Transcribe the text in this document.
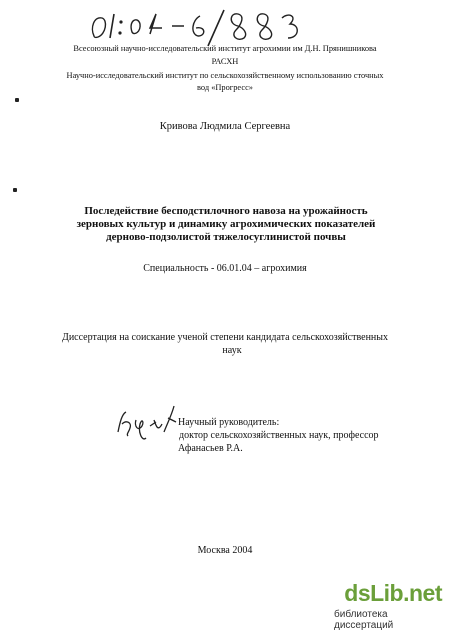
Всесоюзный научно-исследовательский институт агрохимии им Д.Н. Прянишникова
РАСХН
Научно-исследовательский институт по сельскохозяйственному использованию сточных
вод «Прогресс»
Кривова Людмила Сергеевна
Последействие бесподстилочного навоза на урожайность
зерновых культур и динамику агрохимических показателей
дерново-подзолистой тяжелосуглинистой почвы
Специальность - 06.01.04 – агрохимия
Диссертация на соискание ученой степени кандидата сельскохозяйственных
наук
Научный руководитель:
доктор сельскохозяйственных наук, профессор
Афанасьев Р.А.
Москва 2004
dsLib.net
библиотека диссертаций
